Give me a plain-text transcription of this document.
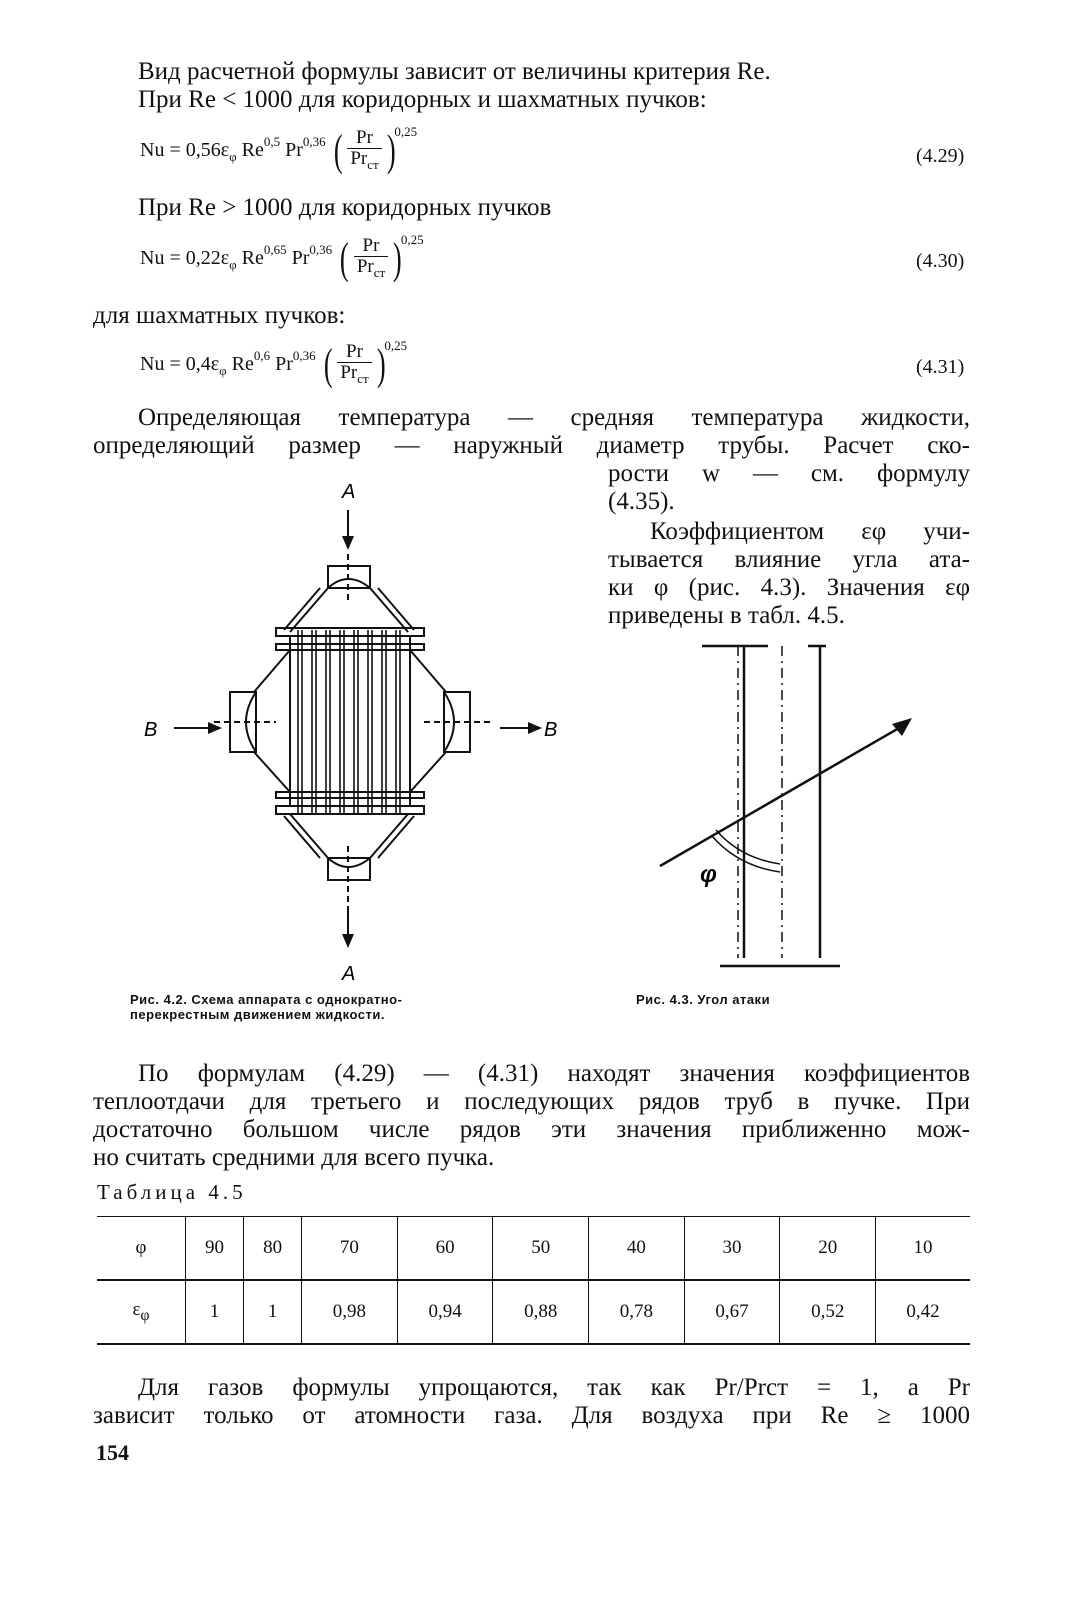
Вид расчетной формулы зависит от величины критерия Re.
При Re < 1000 для коридорных и шахматных пучков:
$Nu = 0,56\varepsilon_\varphi$ Re$^{0,5}$ Pr$^{0,36}$ ( $\frac{Pr}{Pr_{ст}} )^{0,25}$
(4.29)
При Re > 1000 для коридорных пучков
$Nu = 0,22\varepsilon_\varphi$ Re$^{0,65}$ Pr$^{0,36}$ ( $\frac{Pr}{Pr_{ст}} )^{0,25}$
(4.30)
для шахматных пучков:
$Nu = 0,4\varepsilon_\varphi$ Re$^{0,6}$ Pr$^{0,36}$ ( $\frac{Pr}{Pr_{ст}} )^{0,25}$
(4.31)
Определяющая температура — средняя температура жидкости,
определяющий размер — наружный диаметр трубы. Расчет ско-
рости w — см. формулу
(4.35).
Коэффициентом εφ учи-
тывается влияние угла ата-
ки φ (рис. 4.3). Значения εφ
приведены в табл. 4.5.
А
А
В	В
Рис. 4.2. Схема аппарата с однократно-
перекрестным движением жидкости.
φ
Рис. 4.3. Угол атаки
По формулам (4.29) — (4.31) находят значения коэффициентов
теплоотдачи для третьего и последующих рядов труб в пучке. При
достаточно большом числе рядов эти значения приближенно мож-
но считать средними для всего пучка.
Таблица 4.5
φ	90	80	70	60	50	40	30	20	10
$\varepsilon_\varphi$	1	1	0,98	0,94	0,88	0,78	0,67	0,52	0,42
Для газов формулы упрощаются, так как Pr/Prст = 1, а Pr
зависит только от атомности газа. Для воздуха при Re ≥ 1000
154
